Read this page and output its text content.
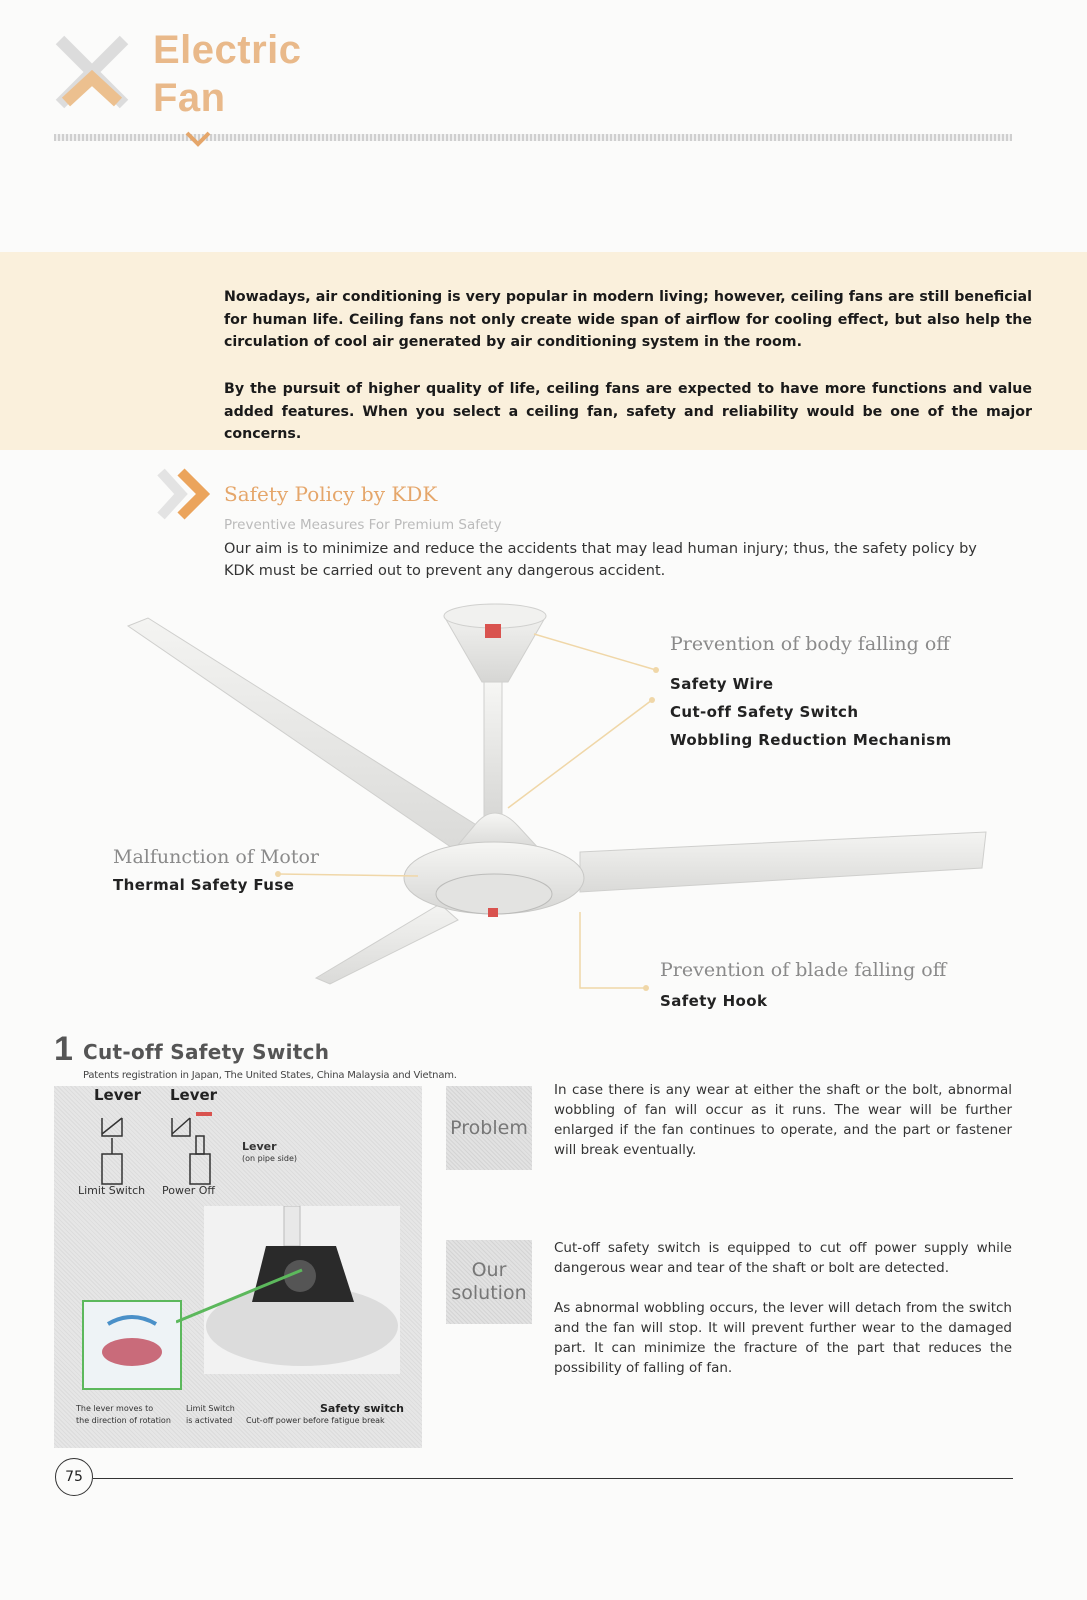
Electric
Fan

Nowadays, air conditioning is very popular in modern living; however, ceiling fans are still beneficial for human life. Ceiling fans not only create wide span of airflow for cooling effect, but also help the circulation of cool air generated by air conditioning system in the room.

By the pursuit of higher quality of life, ceiling fans are expected to have more functions and value added features. When you select a ceiling fan, safety and reliability would be one of the major concerns.

Safety Policy by KDK
Preventive Measures For Premium Safety
Our aim is to minimize and reduce the accidents that may lead human injury; thus, the safety policy by KDK must be carried out to prevent any dangerous accident.
Prevention of body falling off
Safety Wire
Cut-off Safety Switch
Wobbling Reduction Mechanism
Malfunction of Motor
Thermal Safety Fuse
Prevention of blade falling off
Safety Hook
1 Cut-off Safety Switch
Patents registration in Japan, The United States, China Malaysia and Vietnam.
Lever Lever
Limit Switch Power Off
Lever
(on pipe side)
The lever moves to
the direction of rotation
Limit Switch
is activated
Safety switch
Cut-off power before fatigue break
Problem
Our
solution

In case there is any wear at either the shaft or the bolt, abnormal wobbling of fan will occur as it runs. The wear will be further enlarged if the fan continues to operate, and the part or fastener will break eventually.

Cut-off safety switch is equipped to cut off power supply while dangerous wear and tear of the shaft or bolt are detected.

As abnormal wobbling occurs, the lever will detach from the switch and the fan will stop. It will prevent further wear to the damaged part. It can minimize the fracture of the part that reduces the possibility of falling of fan.

75
